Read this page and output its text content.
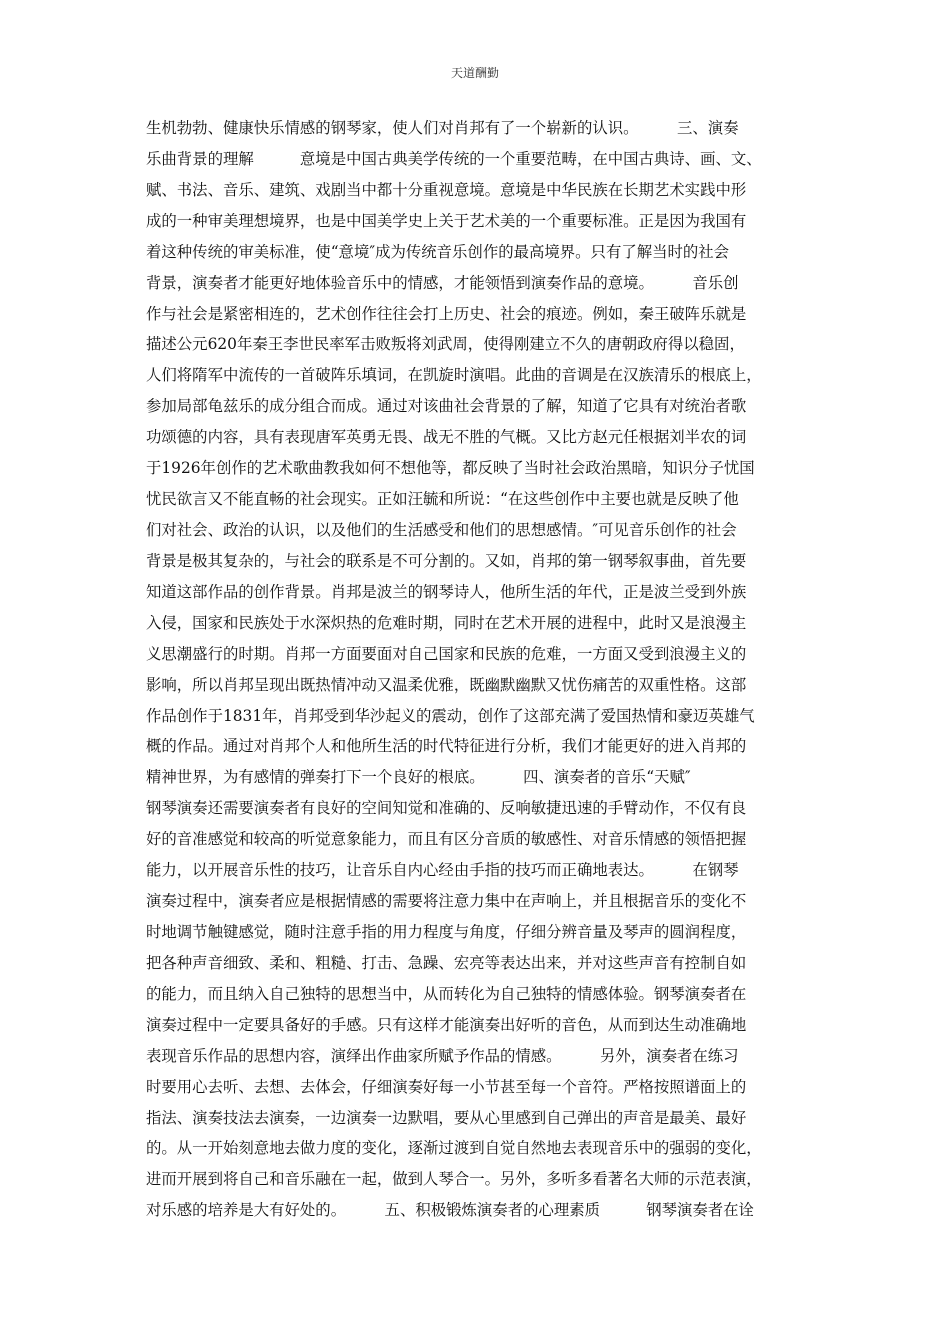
天道酬勤
生机勃勃、健康快乐情感的钢琴家，使人们对肖邦有了一个崭新的认识。　　　三、演奏
乐曲背景的理解　　　意境是中国古典美学传统的一个重要范畴，在中国古典诗、画、文、
赋、书法、音乐、建筑、戏剧当中都十分重视意境。意境是中华民族在长期艺术实践中形
成的一种审美理想境界，也是中国美学史上关于艺术美的一个重要标准。正是因为我国有
着这种传统的审美标准，使“意境″成为传统音乐创作的最高境界。只有了解当时的社会
背景，演奏者才能更好地体验音乐中的情感，才能领悟到演奏作品的意境。　　　音乐创
作与社会是紧密相连的，艺术创作往往会打上历史、社会的痕迹。例如，秦王破阵乐就是
描述公元620年秦王李世民率军击败叛将刘武周，使得刚建立不久的唐朝政府得以稳固，
人们将隋军中流传的一首破阵乐填词，在凯旋时演唱。此曲的音调是在汉族清乐的根底上，
参加局部龟兹乐的成分组合而成。通过对该曲社会背景的了解，知道了它具有对统治者歌
功颂德的内容，具有表现唐军英勇无畏、战无不胜的气概。又比方赵元任根据刘半农的词
于1926年创作的艺术歌曲教我如何不想他等，都反映了当时社会政治黑暗，知识分子忧国
忧民欲言又不能直畅的社会现实。正如汪毓和所说：“在这些创作中主要也就是反映了他
们对社会、政治的认识，以及他们的生活感受和他们的思想感情。″可见音乐创作的社会
背景是极其复杂的，与社会的联系是不可分割的。又如，肖邦的第一钢琴叙事曲，首先要
知道这部作品的创作背景。肖邦是波兰的钢琴诗人，他所生活的年代，正是波兰受到外族
入侵，国家和民族处于水深炽热的危难时期，同时在艺术开展的进程中，此时又是浪漫主
义思潮盛行的时期。肖邦一方面要面对自己国家和民族的危难，一方面又受到浪漫主义的
影响，所以肖邦呈现出既热情冲动又温柔优雅，既幽默幽默又忧伤痛苦的双重性格。这部
作品创作于1831年，肖邦受到华沙起义的震动，创作了这部充满了爱国热情和豪迈英雄气
概的作品。通过对肖邦个人和他所生活的时代特征进行分析，我们才能更好的进入肖邦的
精神世界，为有感情的弹奏打下一个良好的根底。　　　四、演奏者的音乐“天赋″
钢琴演奏还需要演奏者有良好的空间知觉和准确的、反响敏捷迅速的手臂动作，不仅有良
好的音准感觉和较高的听觉意象能力，而且有区分音质的敏感性、对音乐情感的领悟把握
能力，以开展音乐性的技巧，让音乐自内心经由手指的技巧而正确地表达。　　　在钢琴
演奏过程中，演奏者应是根据情感的需要将注意力集中在声响上，并且根据音乐的变化不
时地调节触键感觉，随时注意手指的用力程度与角度，仔细分辨音量及琴声的圆润程度，
把各种声音细致、柔和、粗糙、打击、急躁、宏亮等表达出来，并对这些声音有控制自如
的能力，而且纳入自己独特的思想当中，从而转化为自己独特的情感体验。钢琴演奏者在
演奏过程中一定要具备好的手感。只有这样才能演奏出好听的音色，从而到达生动准确地
表现音乐作品的思想内容，演绎出作曲家所赋予作品的情感。　　　另外，演奏者在练习
时要用心去听、去想、去体会，仔细演奏好每一小节甚至每一个音符。严格按照谱面上的
指法、演奏技法去演奏，一边演奏一边默唱，要从心里感到自己弹出的声音是最美、最好
的。从一开始刻意地去做力度的变化，逐渐过渡到自觉自然地去表现音乐中的强弱的变化，
进而开展到将自己和音乐融在一起，做到人琴合一。另外，多听多看著名大师的示范表演，
对乐感的培养是大有好处的。　　　五、积极锻炼演奏者的心理素质　　　钢琴演奏者在诠
